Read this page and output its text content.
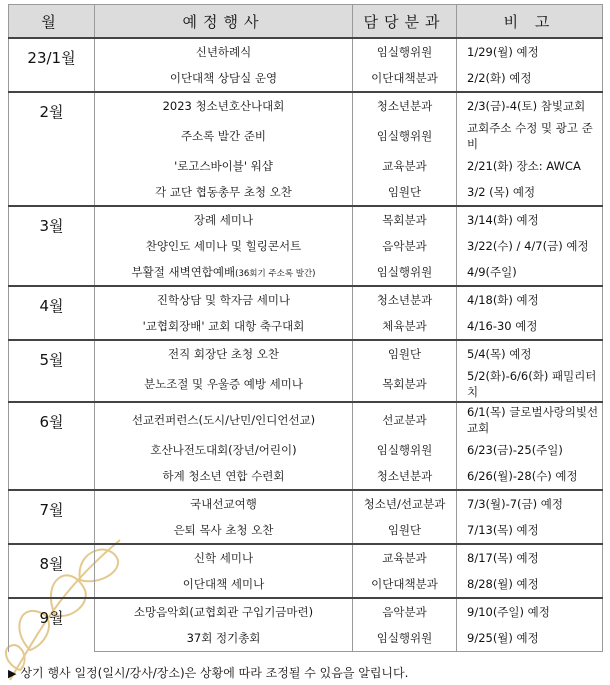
월	예정행사	담당분과	비 고
23/1월	신년하례식	임실행위원	1/29(월) 예정
	이단대책 상담실 운영	이단대책분과	2/2(화) 예정
2월	2023 청소년호산나대회	청소년분과	2/3(금)-4(토) 참빛교회
	주소록 발간 준비	임실행위원	교회주소 수정 및 광고 준비
	'로고스바이블' 워샵	교육분과	2/21(화) 장소: AWCA
	각 교단 협동총무 초청 오찬	임원단	3/2 (목) 예정
3월	장례 세미나	목회분과	3/14(화) 예정
	찬양인도 세미나 및 힐링콘서트	음악분과	3/22(수) / 4/7(금) 예정
	부활절 새벽연합예배(36회기 주소록 발간)	임실행위원	4/9(주일)
4월	진학상담 및 학자금 세미나	청소년분과	4/18(화) 예정
	'교협회장배' 교회 대항 축구대회	체육분과	4/16-30 예정
5월	전직 회장단 초청 오찬	임원단	5/4(목) 예정
	분노조절 및 우울증 예방 세미나	목회분과	5/2(화)-6/6(화) 패밀리터치
6월	선교컨퍼런스(도시/난민/인디언선교)	선교분과	6/1(목) 글로벌사랑의빛선교회
	호산나전도대회(장년/어린이)	임실행위원	6/23(금)-25(주일)
	하계 청소년 연합 수련회	청소년분과	6/26(월)-28(수) 예정
7월	국내선교여행	청소년/선교분과	7/3(월)-7(금) 예정
	은퇴 목사 초청 오찬	임원단	7/13(목) 예정
8월	신학 세미나	교육분과	8/17(목) 예정
	이단대책 세미나	이단대책분과	8/28(월) 예정
9월	소망음악회(교협회관 구입기금마련)	음악분과	9/10(주일) 예정
	37회 정기총회	임실행위원	9/25(월) 예정
▶ 상기 행사 일정(일시/강사/장소)은 상황에 따라 조정될 수 있음을 알립니다.
